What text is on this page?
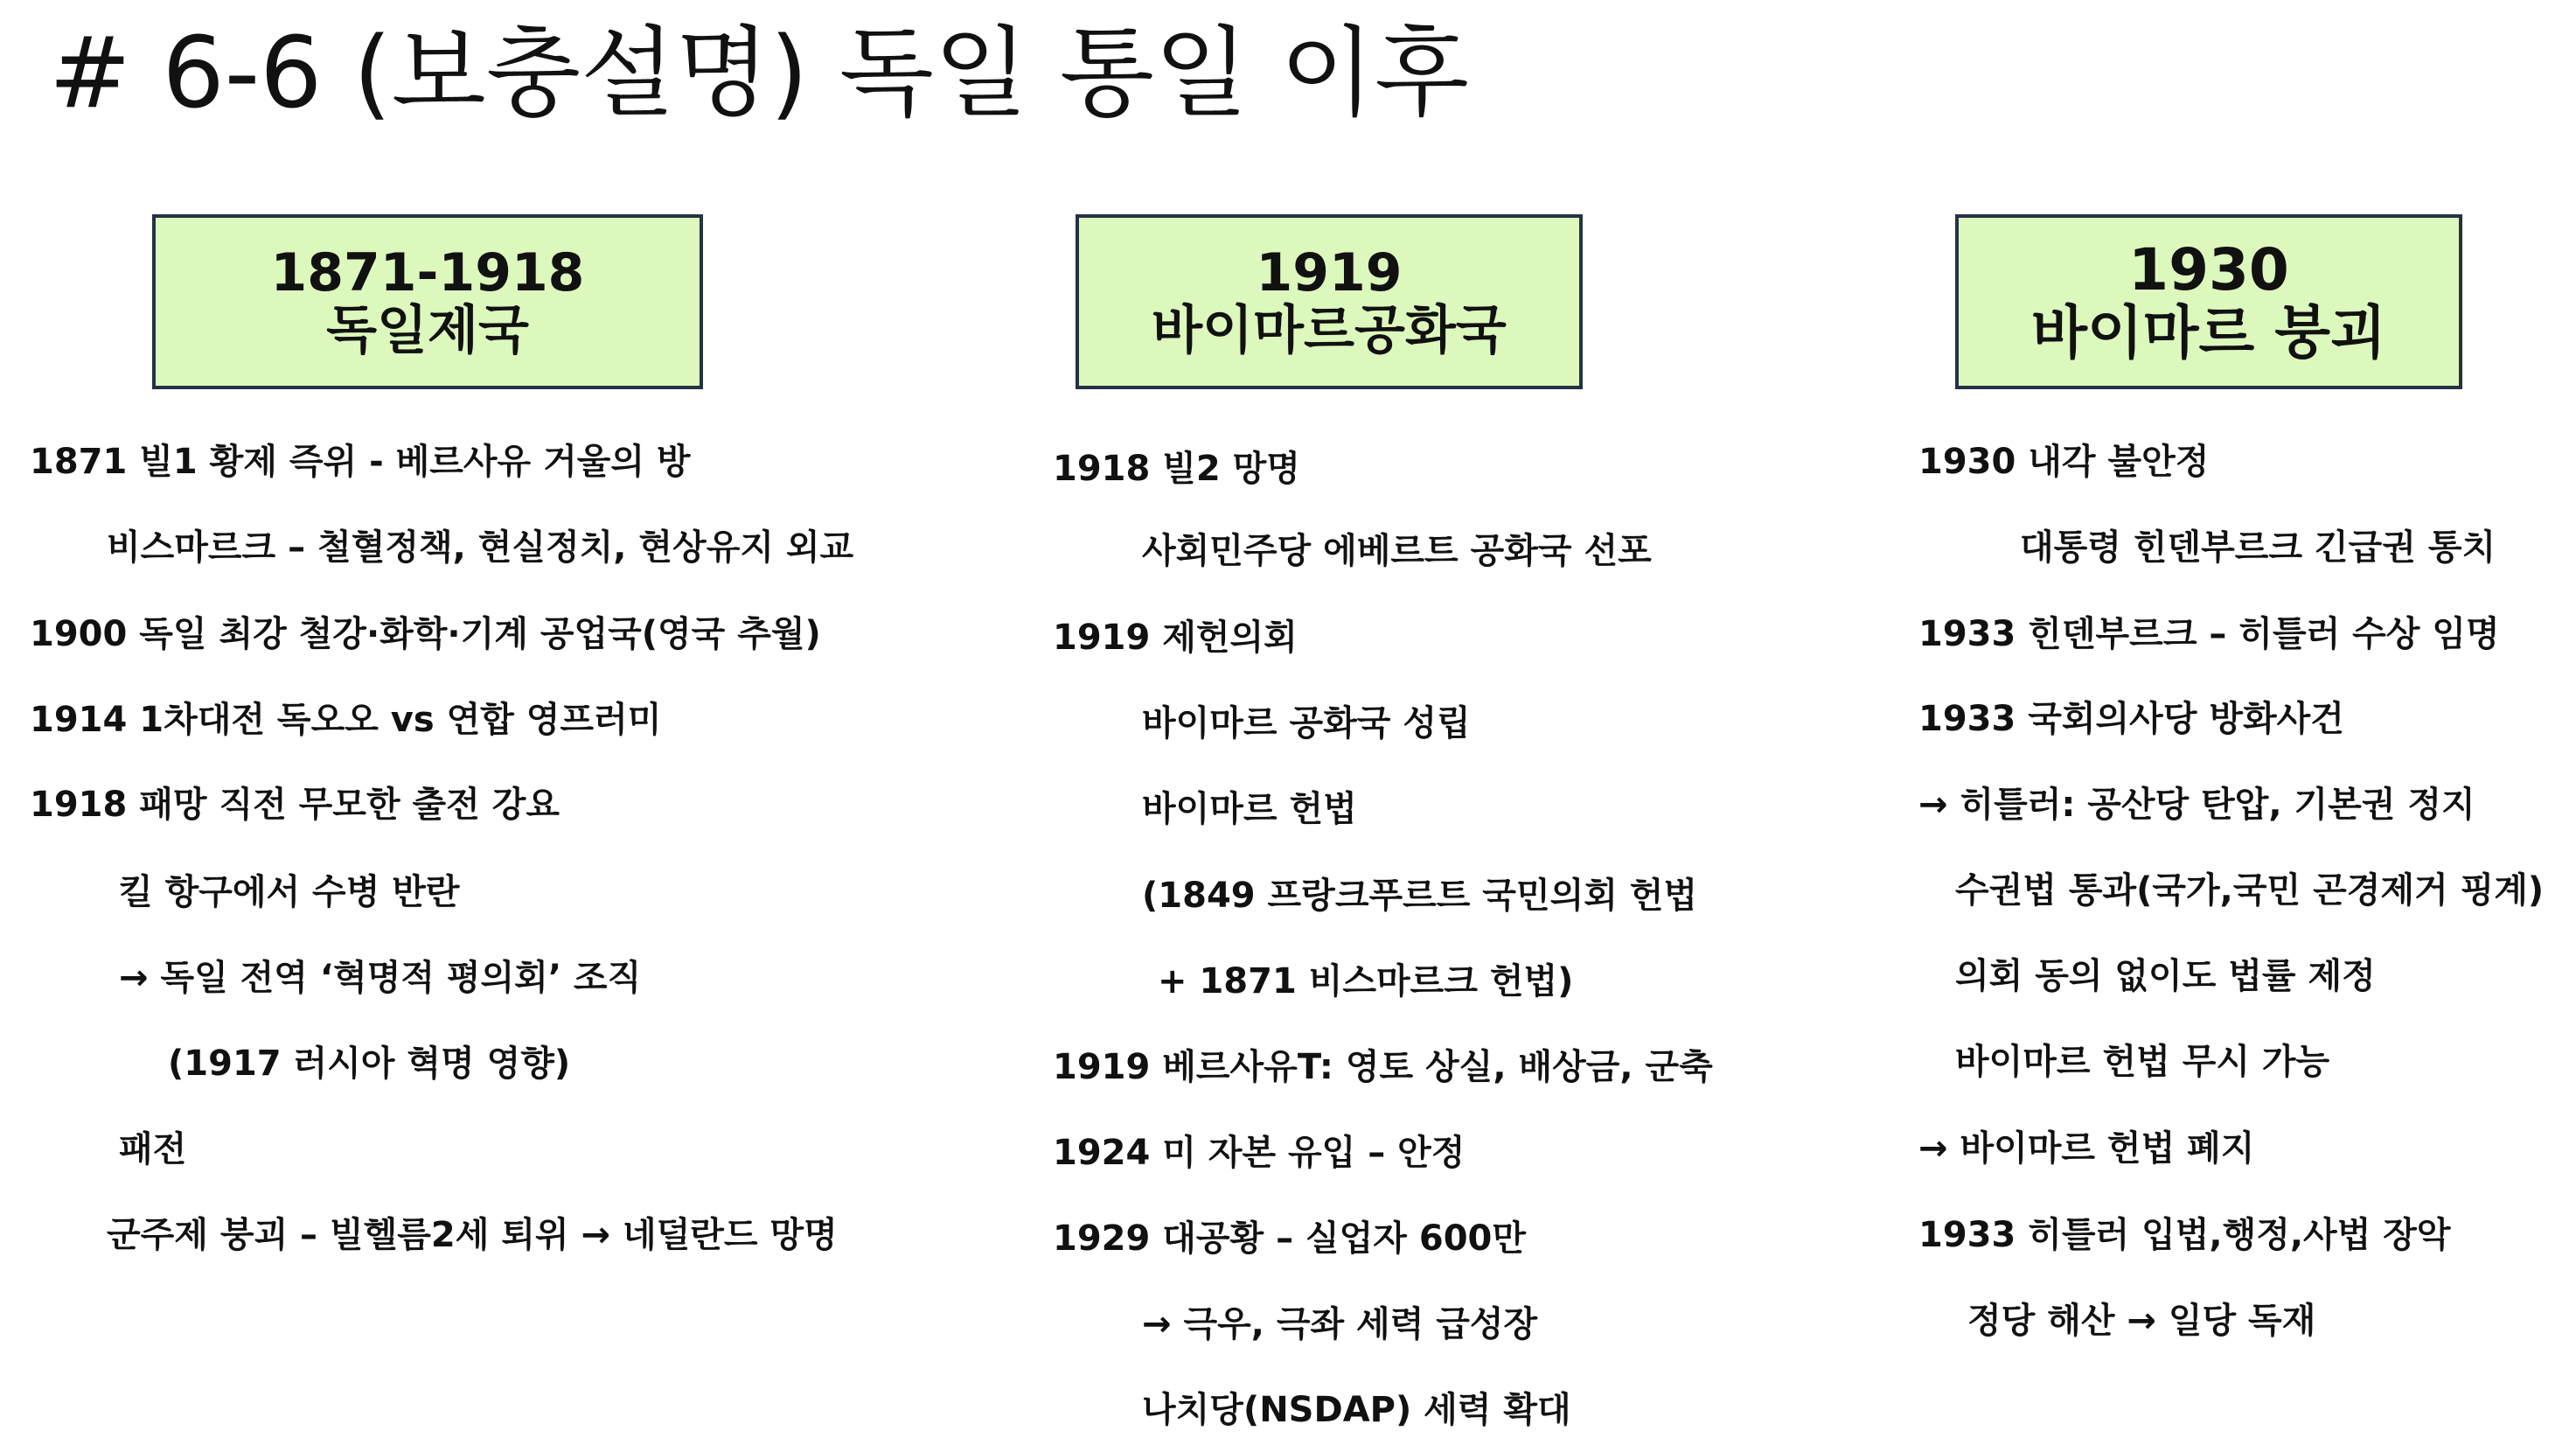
# 6-6 (보충설명) 독일 통일 이후
1871-1918
독일제국
1919
바이마르공화국
1930
바이마르 붕괴
1871 빌1 황제 즉위 - 베르사유 거울의 방
비스마르크 – 철혈정책, 현실정치, 현상유지 외교
1900 독일 최강 철강·화학·기계 공업국(영국 추월)
1914 1차대전 독오오 vs 연합 영프러미
1918 패망 직전 무모한 출전 강요
킬 항구에서 수병 반란
→ 독일 전역 ‘혁명적 평의회’ 조직
(1917 러시아 혁명 영향)
패전
군주제 붕괴 – 빌헬름2세 퇴위 → 네덜란드 망명
1918 빌2 망명
사회민주당 에베르트 공화국 선포
1919 제헌의회
바이마르 공화국 성립
바이마르 헌법
(1849 프랑크푸르트 국민의회 헌법
+ 1871 비스마르크 헌법)
1919 베르사유T: 영토 상실, 배상금, 군축
1924 미 자본 유입 – 안정
1929 대공황 – 실업자 600만
→ 극우, 극좌 세력 급성장
나치당(NSDAP) 세력 확대
1930 내각 불안정
대통령 힌덴부르크 긴급권 통치
1933 힌덴부르크 – 히틀러 수상 임명
1933 국회의사당 방화사건
→ 히틀러: 공산당 탄압, 기본권 정지
수권법 통과(국가,국민 곤경제거 핑계)
의회 동의 없이도 법률 제정
바이마르 헌법 무시 가능
→ 바이마르 헌법 폐지
1933 히틀러 입법,행정,사법 장악
정당 해산 → 일당 독재
